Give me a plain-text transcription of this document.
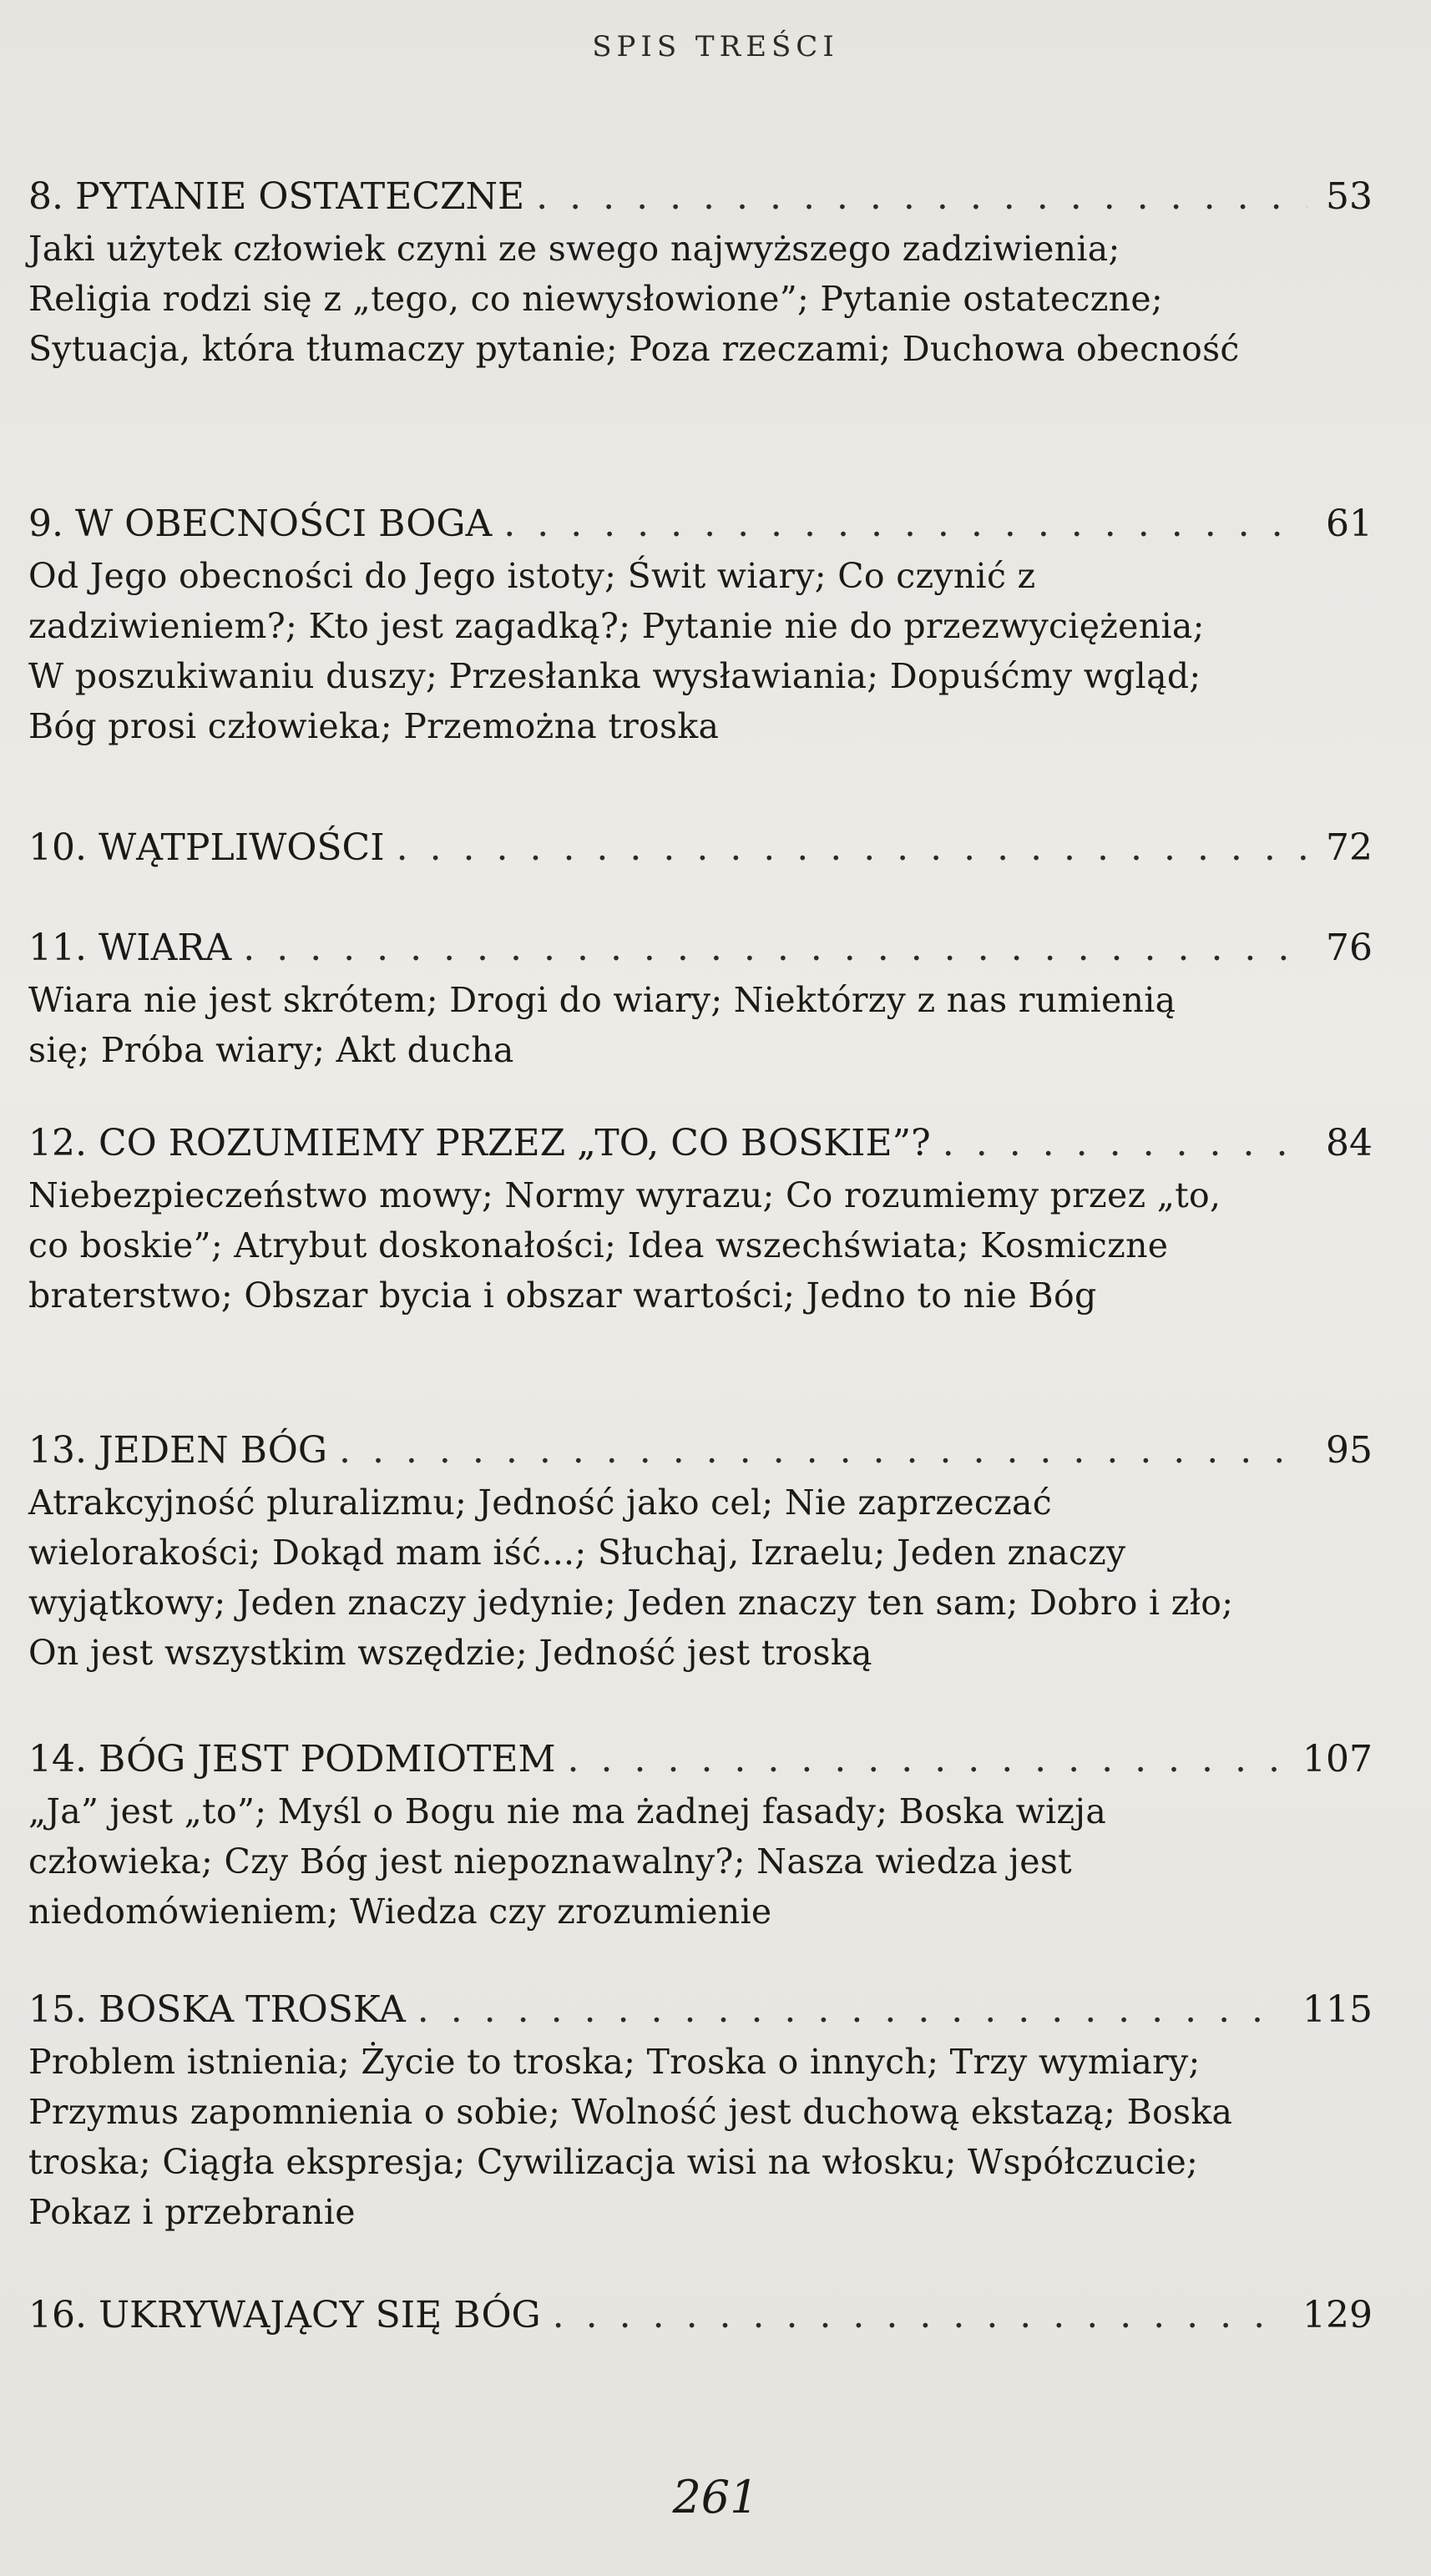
SPIS TREŚCI
8. PYTANIE OSTATECZNE . . .	53
Jaki użytek człowiek czyni ze swego najwyższego zadziwienia; Religia rodzi się z „tego, co niewysłowione”; Pytanie ostateczne; Sytuacja, która tłumaczy pytanie; Poza rzeczami; Duchowa obecność
9. W OBECNOŚCI BOGA . . .	61
Od Jego obecności do Jego istoty; Świt wiary; Co czynić z zadziwieniem?; Kto jest zagadką?; Pytanie nie do przezwyciężenia; W poszukiwaniu duszy; Przesłanka wysławiania; Dopuśćmy wgląd; Bóg prosi człowieka; Przemożna troska
10. WĄTPLIWOŚCI . . .	72
11. WIARA . . .	76
Wiara nie jest skrótem; Drogi do wiary; Niektórzy z nas rumienią się; Próba wiary; Akt ducha
12. CO ROZUMIEMY PRZEZ „TO, CO BOSKIE”? . . .	84
Niebezpieczeństwo mowy; Normy wyrazu; Co rozumiemy przez „to, co boskie”; Atrybut doskonałości; Idea wszechświata; Kosmiczne braterstwo; Obszar bycia i obszar wartości; Jedno to nie Bóg
13. JEDEN BÓG . . .	95
Atrakcyjność pluralizmu; Jedność jako cel; Nie zaprzeczać wielorakości; Dokąd mam iść...; Słuchaj, Izraelu; Jeden znaczy wyjątkowy; Jeden znaczy jedynie; Jeden znaczy ten sam; Dobro i zło; On jest wszystkim wszędzie; Jedność jest troską
14. BÓG JEST PODMIOTEM . . .	107
„Ja” jest „to”; Myśl o Bogu nie ma żadnej fasady; Boska wizja człowieka; Czy Bóg jest niepoznawalny?; Nasza wiedza jest niedomówieniem; Wiedza czy zrozumienie
15. BOSKA TROSKA . . .	115
Problem istnienia; Życie to troska; Troska o innych; Trzy wymiary; Przymus zapomnienia o sobie; Wolność jest duchową ekstazą; Boska troska; Ciągła ekspresja; Cywilizacja wisi na włosku; Współczucie; Pokaz i przebranie
16. UKRYWAJĄCY SIĘ BÓG . . .	129
261
